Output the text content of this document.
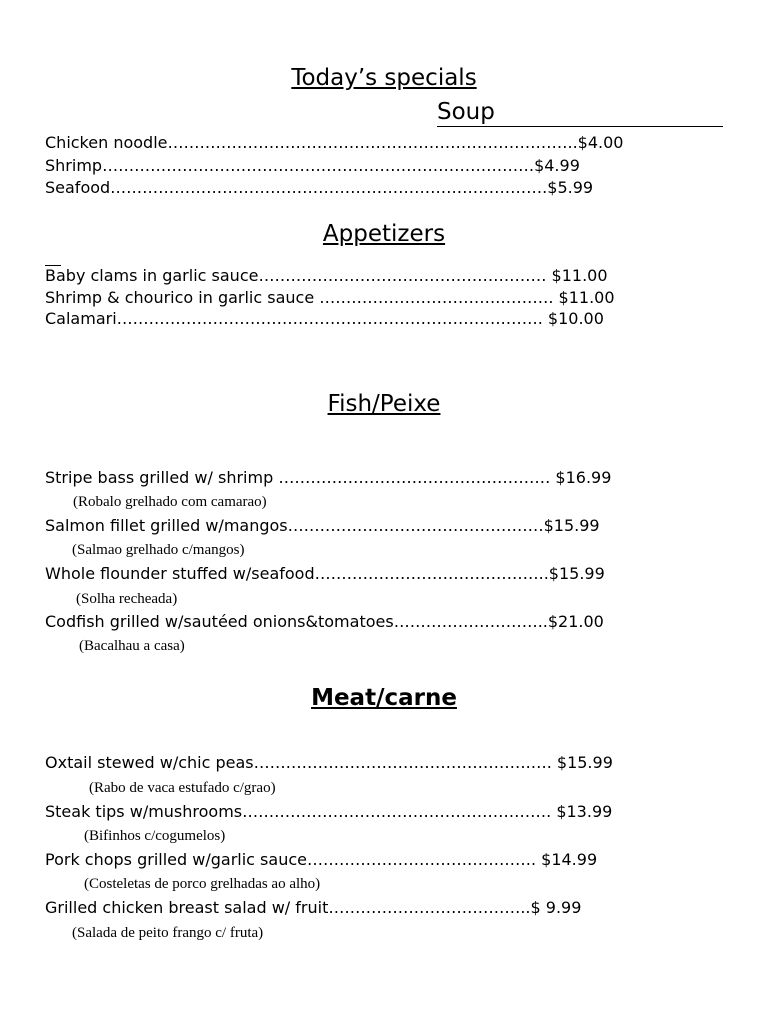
Today’s specials
Soup
Chicken noodle…………………………………………………………………..$4.00
Shrimp………………………………………………………………………$4.99
Seafood……………………………………………………………………….$5.99
Appetizers
Baby clams in garlic sauce……………………………………………… $11.00
Shrimp & chourico in garlic sauce …………………………….………. $11.00
Calamari……………………………………………………………….……. $10.00
Fish/Peixe
Stripe bass grilled w/ shrimp …………………………………………… $16.99
(Robalo grelhado com camarao)
Salmon fillet grilled w/mangos…………………………………………$15.99
(Salmao grelhado c/mangos)
Whole flounder stuffed w/seafood……………………………………..$15.99
(Solha recheada)
Codfish grilled w/sautéed onions&tomatoes………………………..$21.00
(Bacalhau a casa)
Meat/carne
Oxtail stewed w/chic peas…………………………………………….…. $15.99
(Rabo de vaca estufado c/grao)
Steak tips w/mushrooms…………………………………………………. $13.99
(Bifinhos c/cogumelos)
Pork chops grilled w/garlic sauce……………………………………. $14.99
(Costeletas de porco grelhadas ao alho)
Grilled chicken breast salad w/ fruit………………………………..$ 9.99
(Salada de peito frango c/ fruta)
